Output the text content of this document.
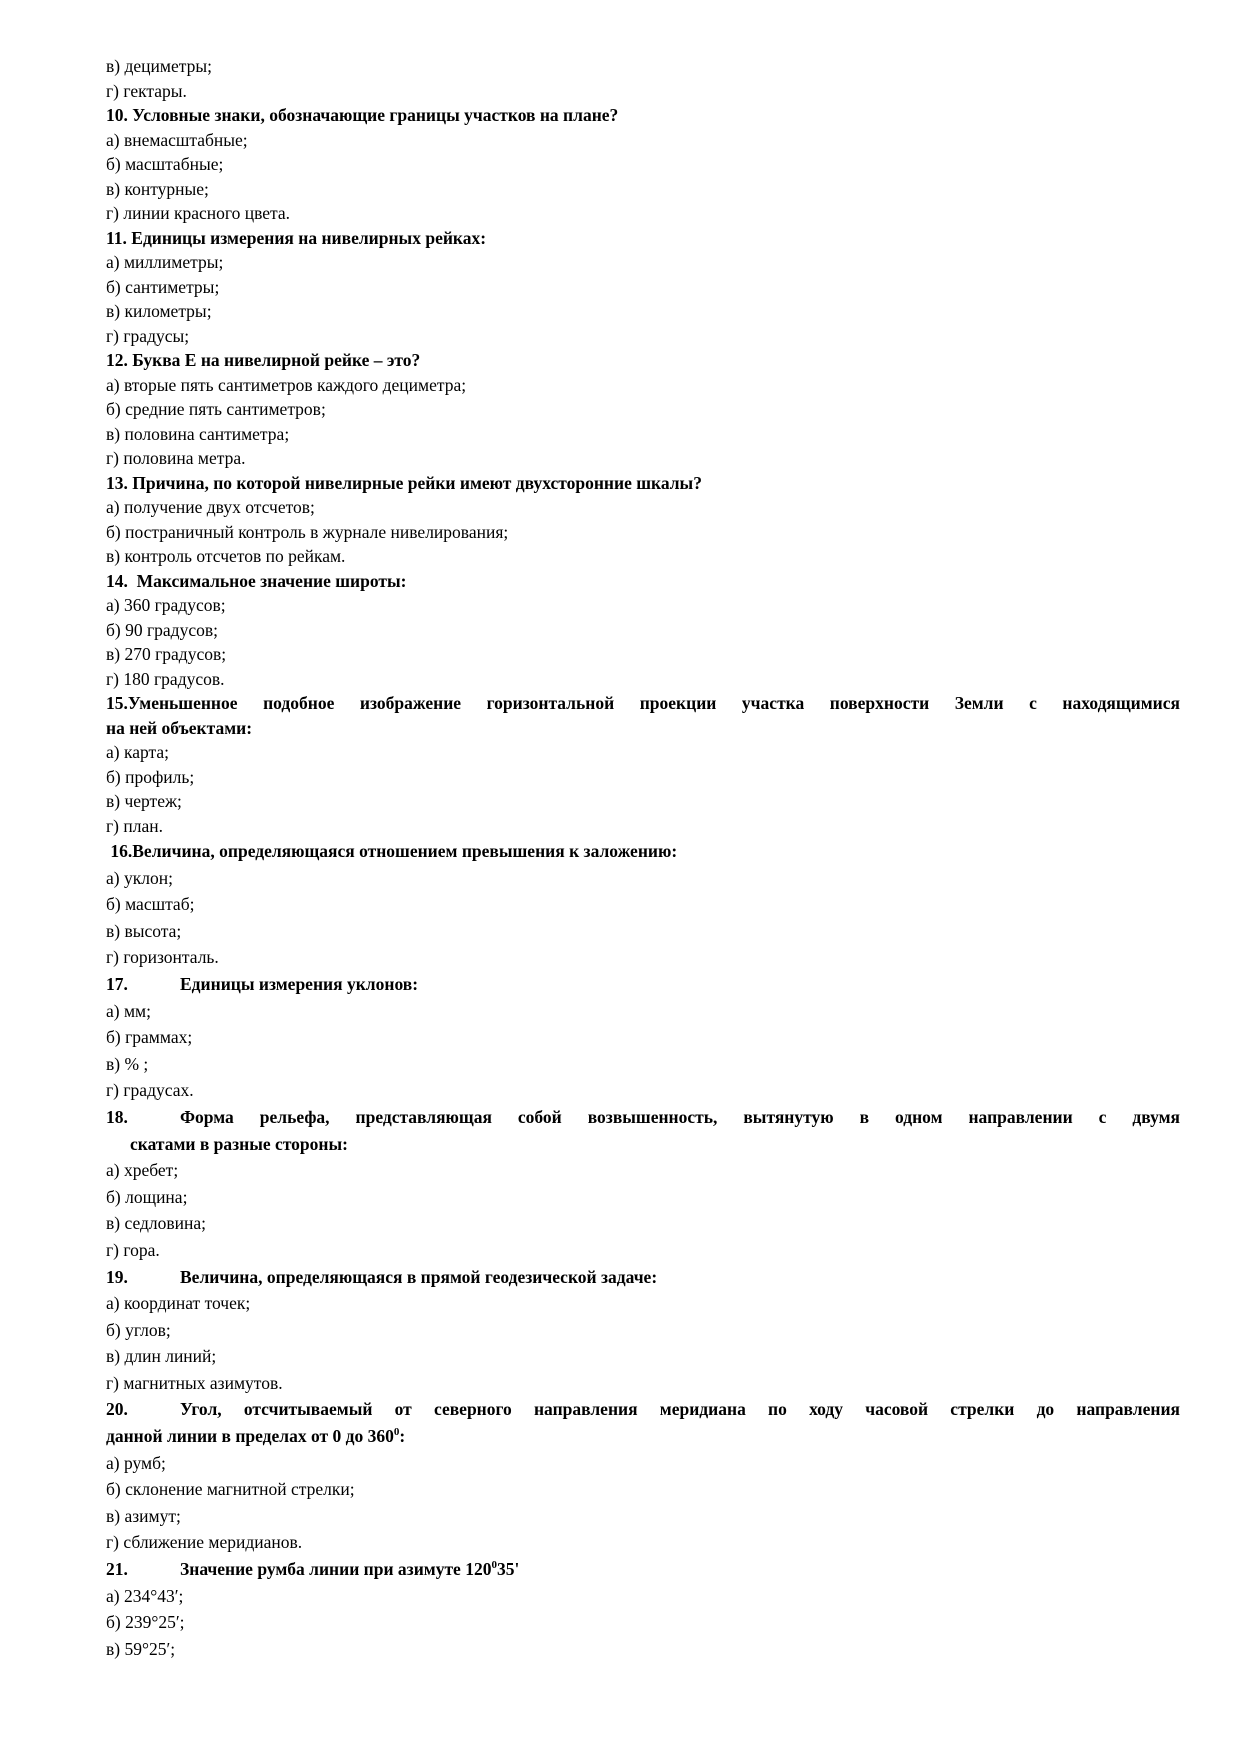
в) дециметры;
г) гектары.
10. Условные знаки, обозначающие границы участков на плане?
а) внемасштабные;
б) масштабные;
в) контурные;
г) линии красного цвета.
11. Единицы измерения на нивелирных рейках:
а) миллиметры;
б) сантиметры;
в) километры;
г) градусы;
12. Буква Е на нивелирной рейке – это?
а) вторые пять сантиметров каждого дециметра;
б) средние пять сантиметров;
в) половина сантиметра;
г) половина метра.
13. Причина, по которой нивелирные рейки имеют двухсторонние шкалы?
а) получение двух отсчетов;
б) постраничный контроль в журнале нивелирования;
в) контроль отсчетов по рейкам.
14.  Максимальное значение широты:
а) 360 градусов;
б) 90 градусов;
в) 270 градусов;
г) 180 градусов.
15.Уменьшенное подобное изображение горизонтальной проекции участка поверхности Земли с находящимися
на ней объектами:
а) карта;
б) профиль;
в) чертеж;
г) план.
16.Величина, определяющаяся отношением превышения к заложению:
а) уклон;
б) масштаб;
в) высота;
г) горизонталь.
17.	Единицы измерения уклонов:
а) мм;
б) граммах;
в) % ;
г) градусах.
18.	Форма рельефа, представляющая собой возвышенность, вытянутую в одном направлении с двумя
скатами в разные стороны:
а) хребет;
б) лощина;
в) седловина;
г) гора.
19.	Величина, определяющаяся в прямой геодезической задаче:
а) координат точек;
б) углов;
в) длин линий;
г) магнитных азимутов.
20.	Угол, отсчитываемый от северного направления меридиана по ходу часовой стрелки до направления
данной линии в пределах от 0 до $360^0$:
а) румб;
б) склонение магнитной стрелки;
в) азимут;
г) сближение меридианов.
21.	Значение румба линии при азимуте $120^035'$
а) 234°43′;
б) 239°25′;
в) 59°25′;
